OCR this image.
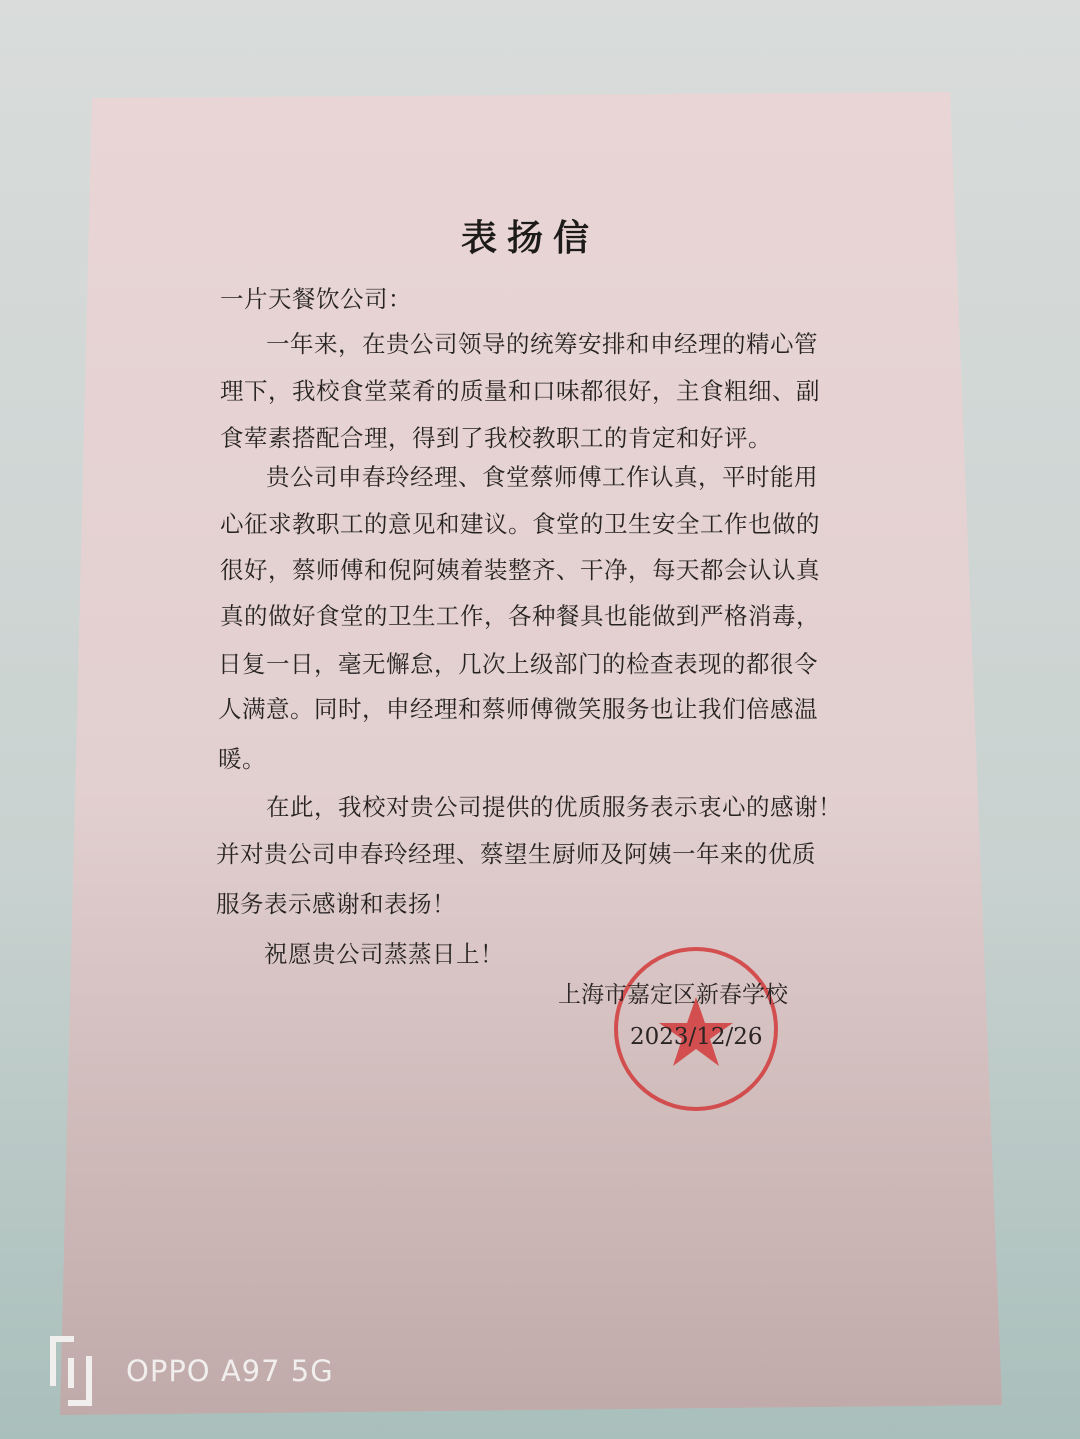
表扬信
一片天餐饮公司：
一年来，在贵公司领导的统筹安排和申经理的精心管
理下，我校食堂菜肴的质量和口味都很好，主食粗细、副
食荤素搭配合理，得到了我校教职工的肯定和好评。
贵公司申春玲经理、食堂蔡师傅工作认真，平时能用
心征求教职工的意见和建议。食堂的卫生安全工作也做的
很好，蔡师傅和倪阿姨着装整齐、干净，每天都会认认真
真的做好食堂的卫生工作，各种餐具也能做到严格消毒，
日复一日，毫无懈怠，几次上级部门的检查表现的都很令
人满意。同时，申经理和蔡师傅微笑服务也让我们倍感温
暖。
在此，我校对贵公司提供的优质服务表示衷心的感谢！
并对贵公司申春玲经理、蔡望生厨师及阿姨一年来的优质
服务表示感谢和表扬！
祝愿贵公司蒸蒸日上！
上海市嘉定区新春学校
2023/12/26
OPPO A97 5G
